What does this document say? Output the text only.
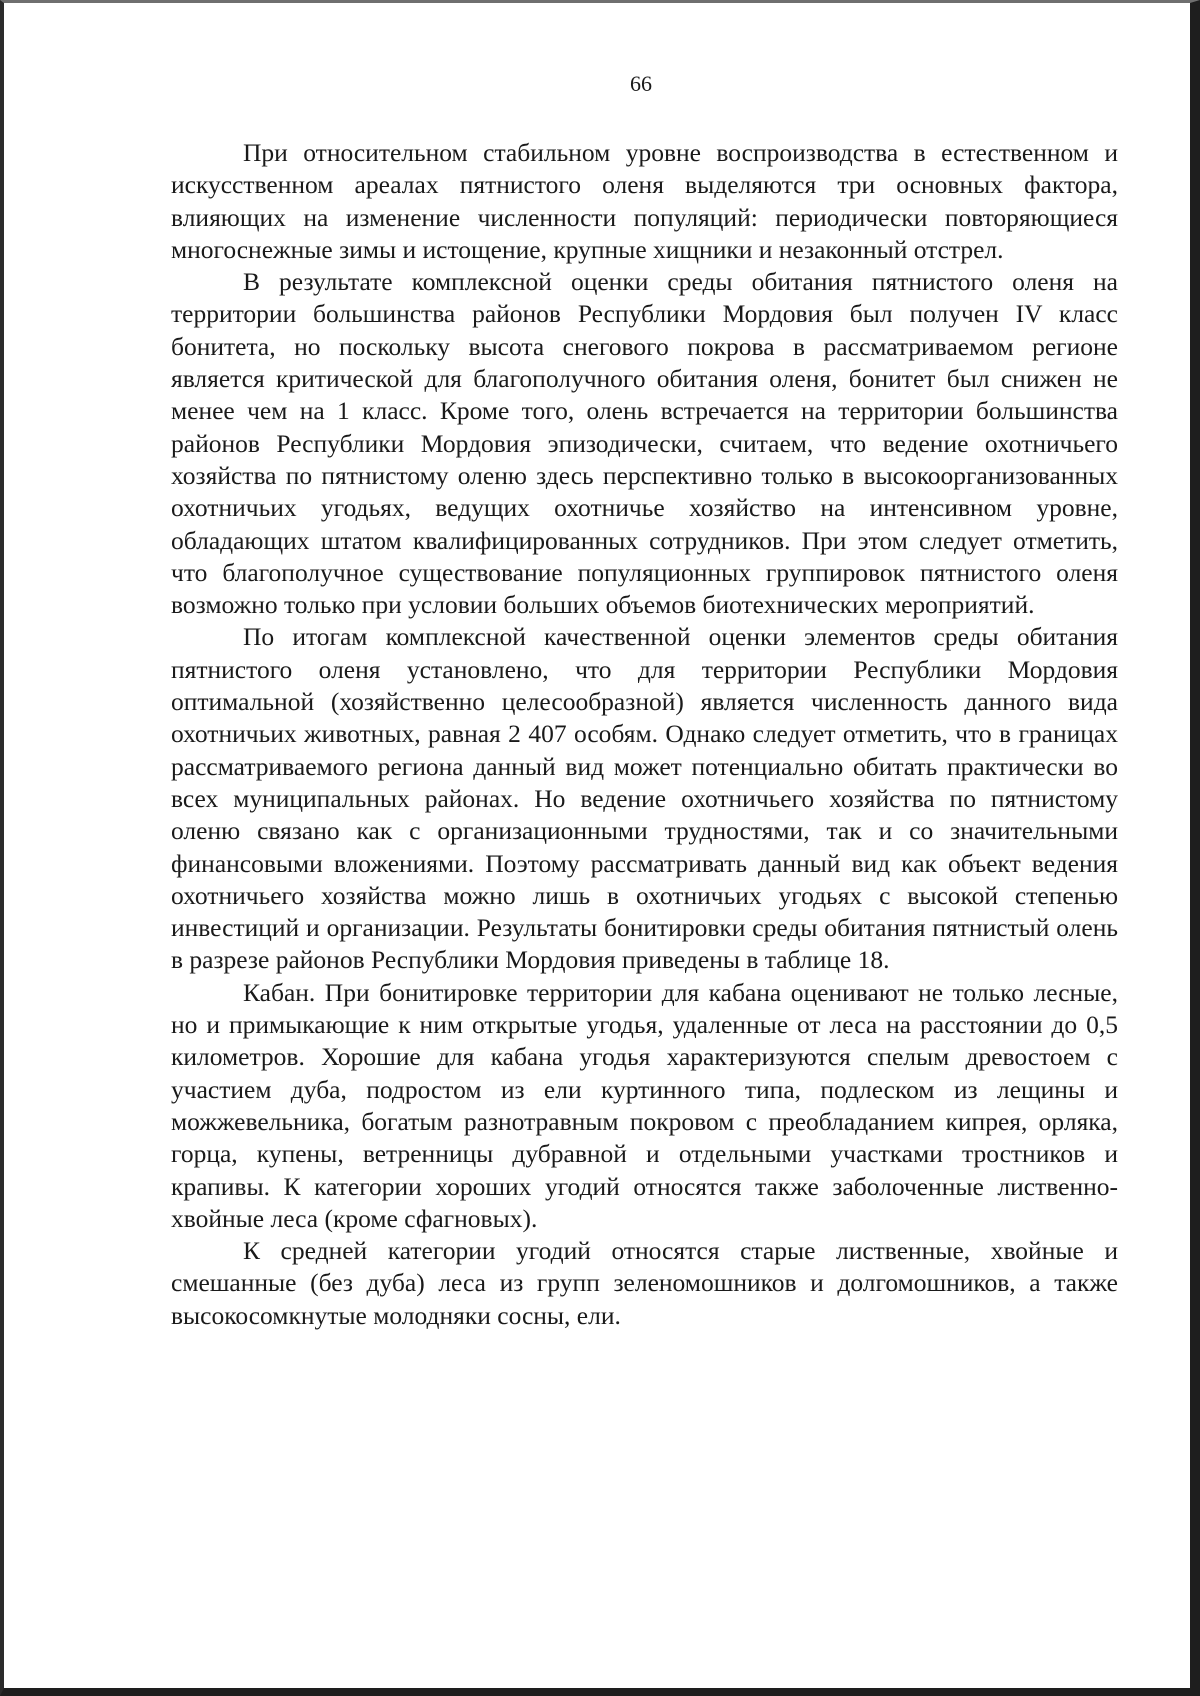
66

При относительном стабильном уровне воспроизводства в естественном и искусственном ареалах пятнистого оленя выделяются три основных фактора, влияющих на изменение численности популяций: периодически повторяющиеся многоснежные зимы и истощение, крупные хищники и незаконный отстрел.

В результате комплексной оценки среды обитания пятнистого оленя на территории большинства районов Республики Мордовия был получен IV класс бонитета, но поскольку высота снегового покрова в рассматриваемом регионе является критической для благополучного обитания оленя, бонитет был снижен не менее чем на 1 класс. Кроме того, олень встречается на территории большинства районов Республики Мордовия эпизодически, считаем, что ведение охотничьего хозяйства по пятнистому оленю здесь перспективно только в высокоорганизованных охотничьих угодьях, ведущих охотничье хозяйство на интенсивном уровне, обладающих штатом квалифицированных сотрудников. При этом следует отметить, что благополучное существование популяционных группировок пятнистого оленя возможно только при условии больших объемов биотехнических мероприятий.

По итогам комплексной качественной оценки элементов среды обитания пятнистого оленя установлено, что для территории Республики Мордовия оптимальной (хозяйственно целесообразной) является численность данного вида охотничьих животных, равная 2 407 особям. Однако следует отметить, что в границах рассматриваемого региона данный вид может потенциально обитать практически во всех муниципальных районах. Но ведение охотничьего хозяйства по пятнистому оленю связано как с организационными трудностями, так и со значительными финансовыми вложениями. Поэтому рассматривать данный вид как объект ведения охотничьего хозяйства можно лишь в охотничьих угодьях с высокой степенью инвестиций и организации. Результаты бонитировки среды обитания пятнистый олень в разрезе районов Республики Мордовия приведены в таблице 18.

Кабан. При бонитировке территории для кабана оценивают не только лесные, но и примыкающие к ним открытые угодья, удаленные от леса на расстоянии до 0,5 километров. Хорошие для кабана угодья характеризуются спелым древостоем с участием дуба, подростом из ели куртинного типа, подлеском из лещины и можжевельника, богатым разнотравным покровом с преобладанием кипрея, орляка, горца, купены, ветренницы дубравной и отдельными участками тростников и крапивы. К категории хороших угодий относятся также заболоченные лиственно-хвойные леса (кроме сфагновых).

К средней категории угодий относятся старые лиственные, хвойные и смешанные (без дуба) леса из групп зеленомошников и долгомошников, а также высокосомкнутые молодняки сосны, ели.
